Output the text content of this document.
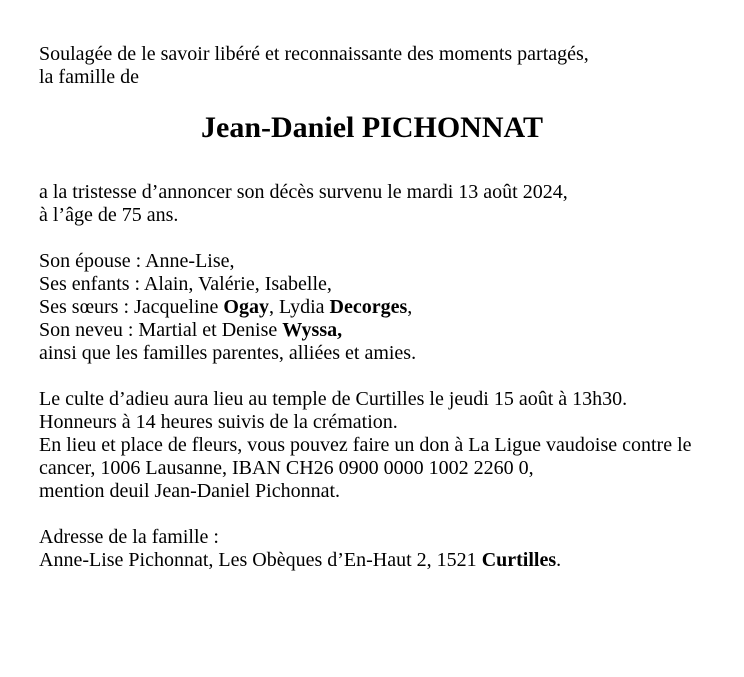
Soulagée de le savoir libéré et reconnaissante des moments partagés,
la famille de
Jean-Daniel PICHONNAT
a la tristesse d’annoncer son décès survenu le mardi 13 août 2024,
à l’âge de 75 ans.
Son épouse : Anne-Lise,
Ses enfants : Alain, Valérie, Isabelle,
Ses sœurs : Jacqueline Ogay, Lydia Decorges,
Son neveu : Martial et Denise Wyssa,
ainsi que les familles parentes, alliées et amies.
Le culte d’adieu aura lieu au temple de Curtilles le jeudi 15 août à 13h30.
Honneurs à 14 heures suivis de la crémation.
En lieu et place de fleurs, vous pouvez faire un don à La Ligue vaudoise contre le
cancer, 1006 Lausanne, IBAN CH26 0900 0000 1002 2260 0,
mention deuil Jean-Daniel Pichonnat.
Adresse de la famille :
Anne-Lise Pichonnat, Les Obèques d’En-Haut 2, 1521 Curtilles.
